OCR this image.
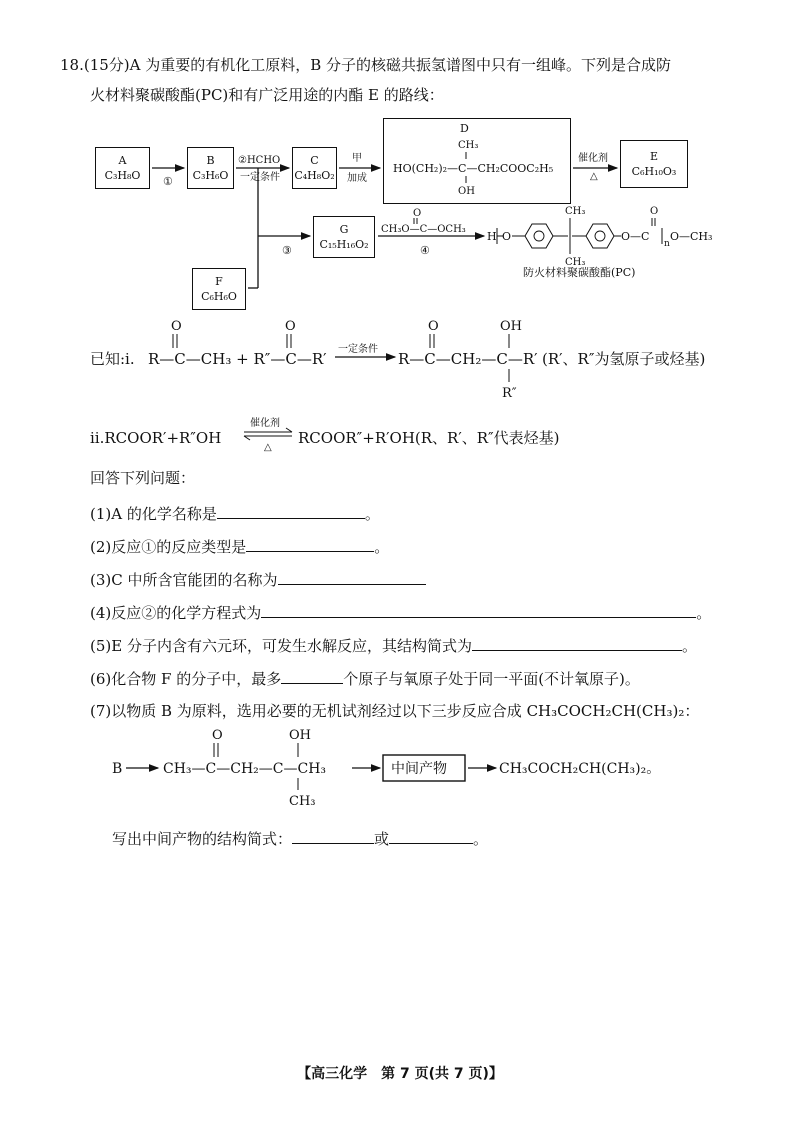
18.(15分)A 为重要的有机化工原料，B 分子的核磁共振氢谱图中只有一组峰。下列是合成防
火材料聚碳酸酯(PC)和有广泛用途的内酯 E 的路线：
A
C₃H₈O
B
C₃H₆O
C
C₄H₈O₂
E
C₆H₁₀O₃
G
C₁₅H₁₆O₂
F
C₆H₆O
①
②HCHO
一定条件
甲
加成
D
CH₃
HO(CH₂)₂—C—CH₂COOC₂H₅
OH
催化剂
△
③
O
CH₃O—C—OCH₃
④
H O
CH₃
CH₃
O—C
O
n
O—CH₃
防火材料聚碳酸酯(PC)
已知:ⅰ.
O	O
R—C—CH₃ + R″—C—R′
一定条件
O	OH
R—C—CH₂—C—R′ (R′、R″为氢原子或烃基)
R″
ⅱ.RCOOR′+R″OH
催化剂
△
RCOOR″+R′OH(R、R′、R″代表烃基)
回答下列问题：
(1)A 的化学名称是	。
(2)反应①的反应类型是	。
(3)C 中所含官能团的名称为
(4)反应②的化学方程式为	。
(5)E 分子内含有六元环，可发生水解反应，其结构简式为	。
(6)化合物 F 的分子中，最多	个原子与氧原子处于同一平面(不计氧原子)。
(7)以物质 B 为原料，选用必要的无机试剂经过以下三步反应合成 CH₃COCH₂CH(CH₃)₂：
B
O	OH
CH₃—C—CH₂—C—CH₃
CH₃
中间产物	CH₃COCH₂CH(CH₃)₂。
写出中间产物的结构简式：	或	。
【高三化学　第 7 页(共 7 页)】
